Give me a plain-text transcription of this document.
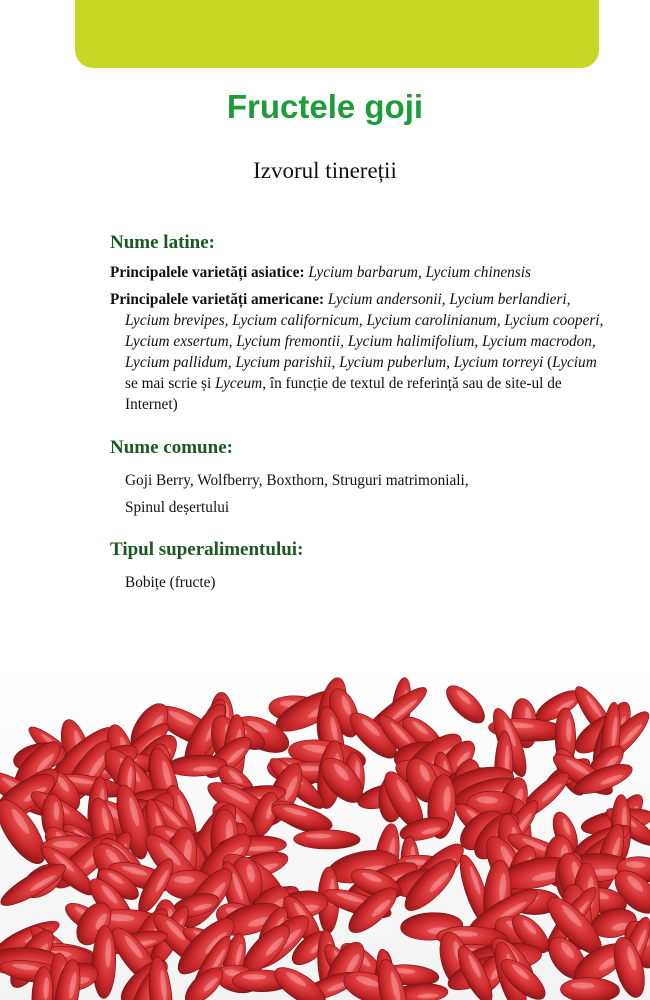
Fructele goji

Izvorul tinereții

Nume latine:

Principalele varietăți asiatice: Lycium barbarum, Lycium chinensis

Principalele varietăți americane: Lycium andersonii, Lycium berlandieri, Lycium brevipes, Lycium californicum, Lycium carolinianum, Lycium cooperi, Lycium exsertum, Lycium fremontii, Lycium halimifolium, Lycium macrodon, Lycium pallidum, Lycium parishii, Lycium puberlum, Lycium torreyi (Lycium se mai scrie și Lyceum, în funcție de textul de referință sau de site-ul de Internet)

Nume comune:

Goji Berry, Wolfberry, Boxthorn, Struguri matrimoniali,

Spinul deșertului

Tipul superalimentului:

Bobițe (fructe)
